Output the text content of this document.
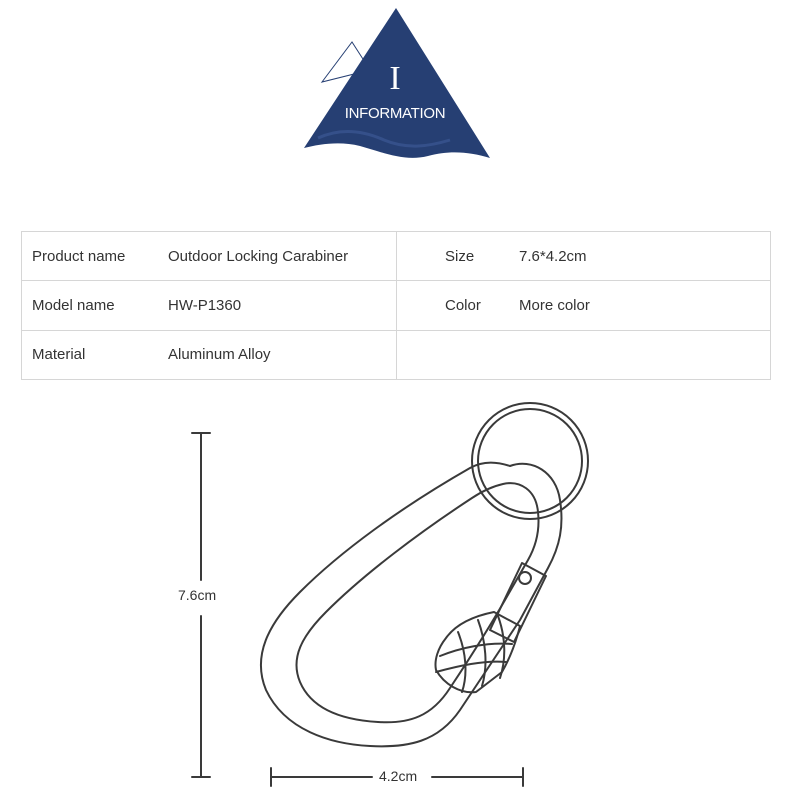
I
INFORMATION
Product name Outdoor Locking Carabiner	Size 7.6*4.2cm

Model name HW-P1360	Color More color

Material Aluminum Alloy	

7.6cm
4.2cm
